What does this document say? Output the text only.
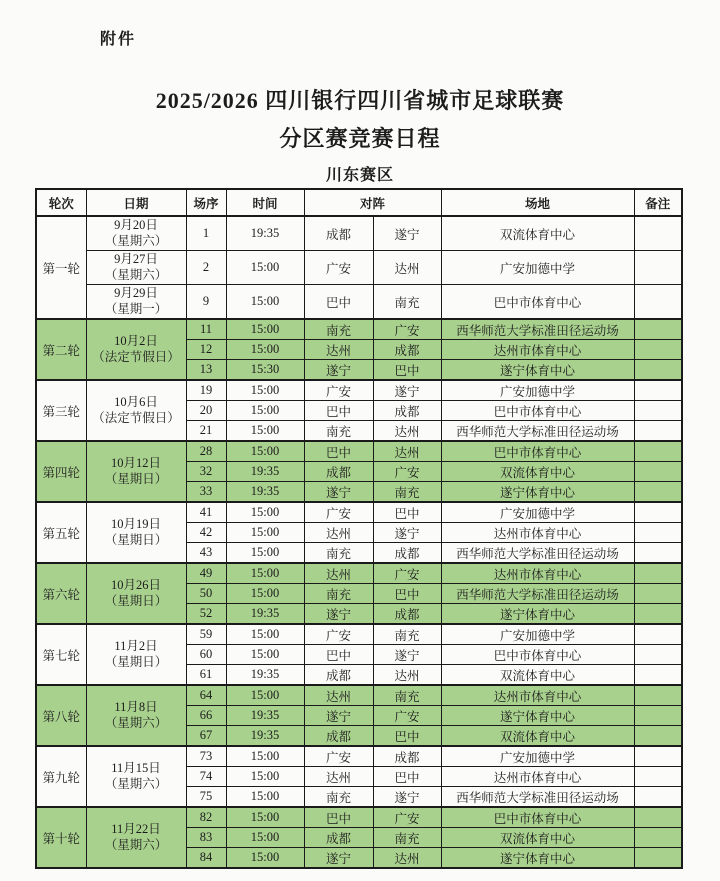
附件
2025/2026 四川银行四川省城市足球联赛
分区赛竞赛日程
川东赛区
轮次	日期	场序	时间	对阵		场地	备注
第一轮	9月20日
（星期六）	1	19:35	成都	遂宁	双流体育中心	

	9月27日
（星期六）	2	15:00	广安	达州	广安加德中学	

	9月29日
（星期一）	9	15:00	巴中	南充	巴中市体育中心	
第二轮	10月2日
（法定节假日）	11	15:00	南充	广安	西华师范大学标准田径运动场	
		12	15:00	达州	成都	达州市体育中心	
		13	15:30	遂宁	巴中	遂宁体育中心	
第三轮	10月6日
（法定节假日）	19	15:00	广安	遂宁	广安加德中学	
		20	15:00	巴中	成都	巴中市体育中心	
		21	15:00	南充	达州	西华师范大学标准田径运动场	
第四轮	10月12日
（星期日）	28	15:00	巴中	达州	巴中市体育中心	
		32	19:35	成都	广安	双流体育中心	
		33	19:35	遂宁	南充	遂宁体育中心	
第五轮	10月19日
（星期日）	41	15:00	广安	巴中	广安加德中学	
		42	15:00	达州	遂宁	达州市体育中心	
		43	15:00	南充	成都	西华师范大学标准田径运动场	
第六轮	10月26日
（星期日）	49	15:00	达州	广安	达州市体育中心	
		50	15:00	南充	巴中	西华师范大学标准田径运动场	
		52	19:35	遂宁	成都	遂宁体育中心	
第七轮	11月2日
（星期日）	59	15:00	广安	南充	广安加德中学	
		60	15:00	巴中	遂宁	巴中市体育中心	
		61	19:35	成都	达州	双流体育中心	
第八轮	11月8日
（星期六）	64	15:00	达州	南充	达州市体育中心	
		66	19:35	遂宁	广安	遂宁体育中心	
		67	19:35	成都	巴中	双流体育中心	
第九轮	11月15日
（星期六）	73	15:00	广安	成都	广安加德中学	
		74	15:00	达州	巴中	达州市体育中心	
		75	15:00	南充	遂宁	西华师范大学标准田径运动场	
第十轮	11月22日
（星期六）	82	15:00	巴中	广安	巴中市体育中心	
		83	15:00	成都	南充	双流体育中心	
		84	15:00	遂宁	达州	遂宁体育中心	
